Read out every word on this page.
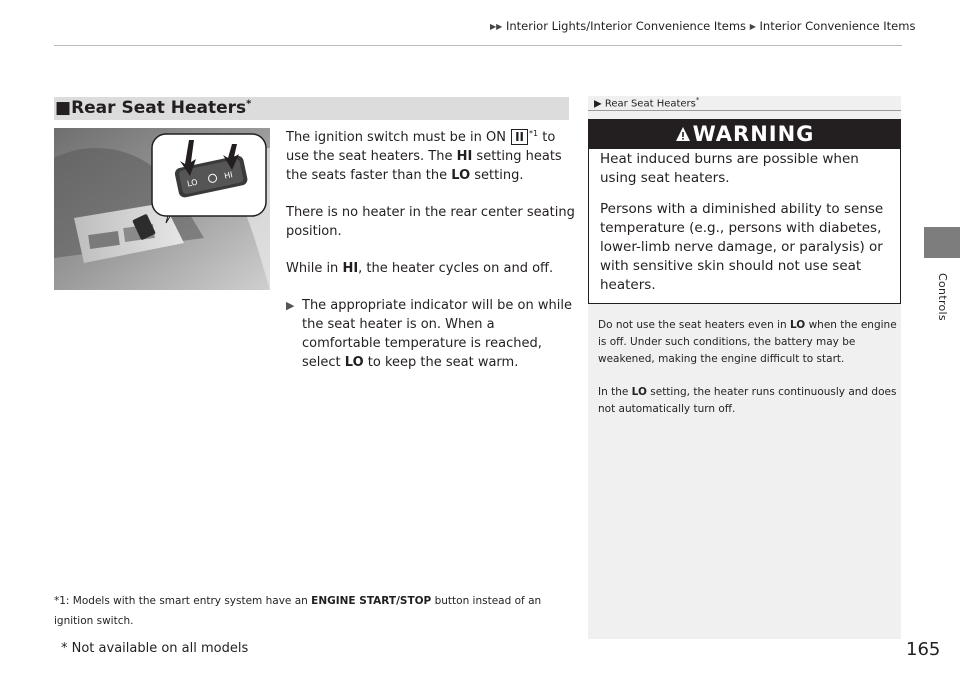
▶▶ Interior Lights/Interior Convenience Items ▶ Interior Convenience Items
Controls
■Rear Seat Heaters*
LO
HI

The ignition switch must be in ON II $^{*1}$ to use the seat heaters. The HI setting heats the seats faster than the LO setting.

There is no heater in the rear center seating position.

While in HI, the heater cycles on and off.

▶ The appropriate indicator will be on while the seat heater is on. When a comfortable temperature is reached, select LO to keep the seat warm.

*1: Models with the smart entry system have an ENGINE START/STOP button instead of an ignition switch.
* Not available on all models	165
▶ Rear Seat Heaters*
WARNING

Heat induced burns are possible when using seat heaters.

Persons with a diminished ability to sense temperature (e.g., persons with diabetes, lower-limb nerve damage, or paralysis) or with sensitive skin should not use seat heaters.

Do not use the seat heaters even in LO when the engine is off. Under such conditions, the battery may be weakened, making the engine difficult to start.

In the LO setting, the heater runs continuously and does not automatically turn off.
